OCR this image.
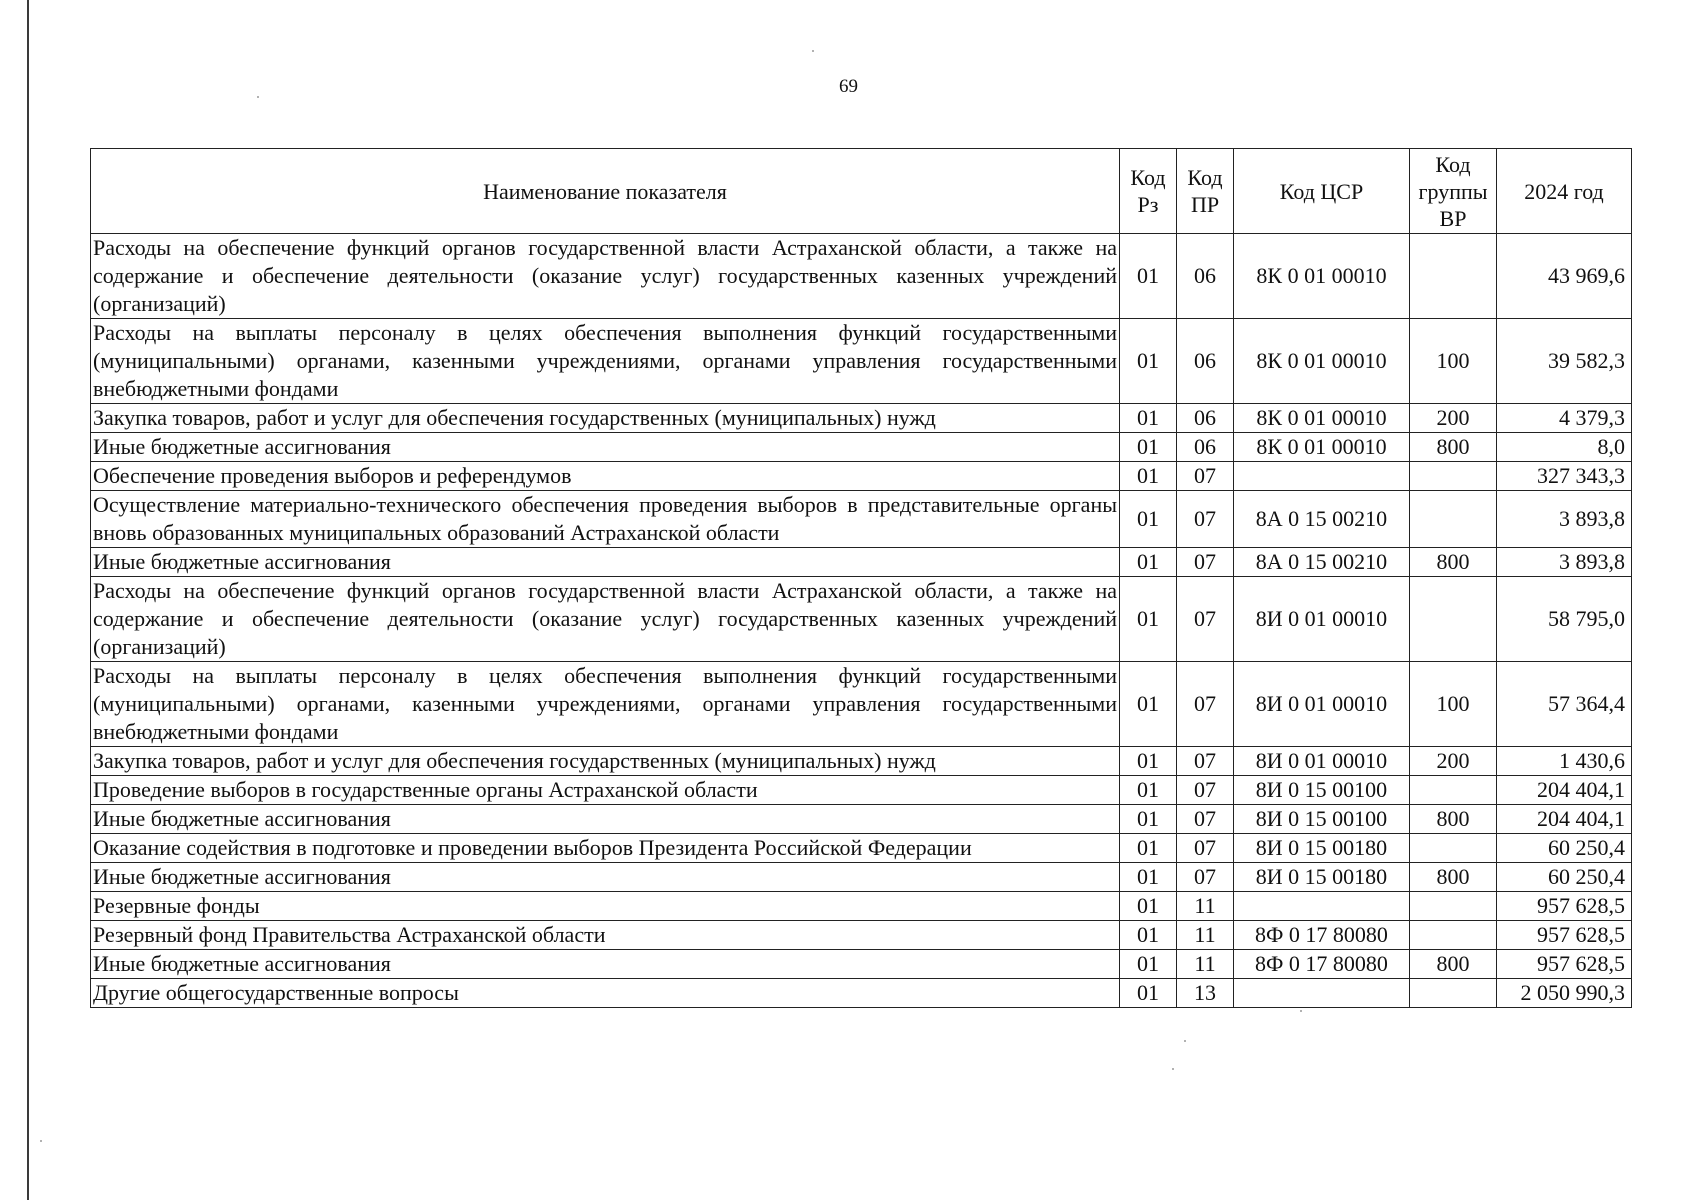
69
Наименование показателя	Код Рз	Код ПР	Код ЦСР	Код группы ВР	2024 год
Расходы на обеспечение функций органов государственной власти Астраханской области, а также на содержание и обеспечение деятельности (оказание услуг) государственных казенных учреждений (организаций)	01	06	8К 0 01 00010		43 969,6
Расходы на выплаты персоналу в целях обеспечения выполнения функций государственными (муниципальными) органами, казенными учреждениями, органами управления государственными внебюджетными фондами	01	06	8К 0 01 00010	100	39 582,3
Закупка товаров, работ и услуг для обеспечения государственных (муниципальных) нужд	01	06	8К 0 01 00010	200	4 379,3
Иные бюджетные ассигнования	01	06	8К 0 01 00010	800	8,0
Обеспечение проведения выборов и референдумов	01	07			327 343,3
Осуществление материально-технического обеспечения проведения выборов в представительные органы вновь образованных муниципальных образований Астраханской области	01	07	8А 0 15 00210		3 893,8
Иные бюджетные ассигнования	01	07	8А 0 15 00210	800	3 893,8
Расходы на обеспечение функций органов государственной власти Астраханской области, а также на содержание и обеспечение деятельности (оказание услуг) государственных казенных учреждений (организаций)	01	07	8И 0 01 00010		58 795,0
Расходы на выплаты персоналу в целях обеспечения выполнения функций государственными (муниципальными) органами, казенными учреждениями, органами управления государственными внебюджетными фондами	01	07	8И 0 01 00010	100	57 364,4
Закупка товаров, работ и услуг для обеспечения государственных (муниципальных) нужд	01	07	8И 0 01 00010	200	1 430,6
Проведение выборов в государственные органы Астраханской области	01	07	8И 0 15 00100		204 404,1
Иные бюджетные ассигнования	01	07	8И 0 15 00100	800	204 404,1
Оказание содействия в подготовке и проведении выборов Президента Российской Федерации	01	07	8И 0 15 00180		60 250,4
Иные бюджетные ассигнования	01	07	8И 0 15 00180	800	60 250,4
Резервные фонды	01	11			957 628,5
Резервный фонд Правительства Астраханской области	01	11	8Ф 0 17 80080		957 628,5
Иные бюджетные ассигнования	01	11	8Ф 0 17 80080	800	957 628,5
Другие общегосударственные вопросы	01	13			2 050 990,3
